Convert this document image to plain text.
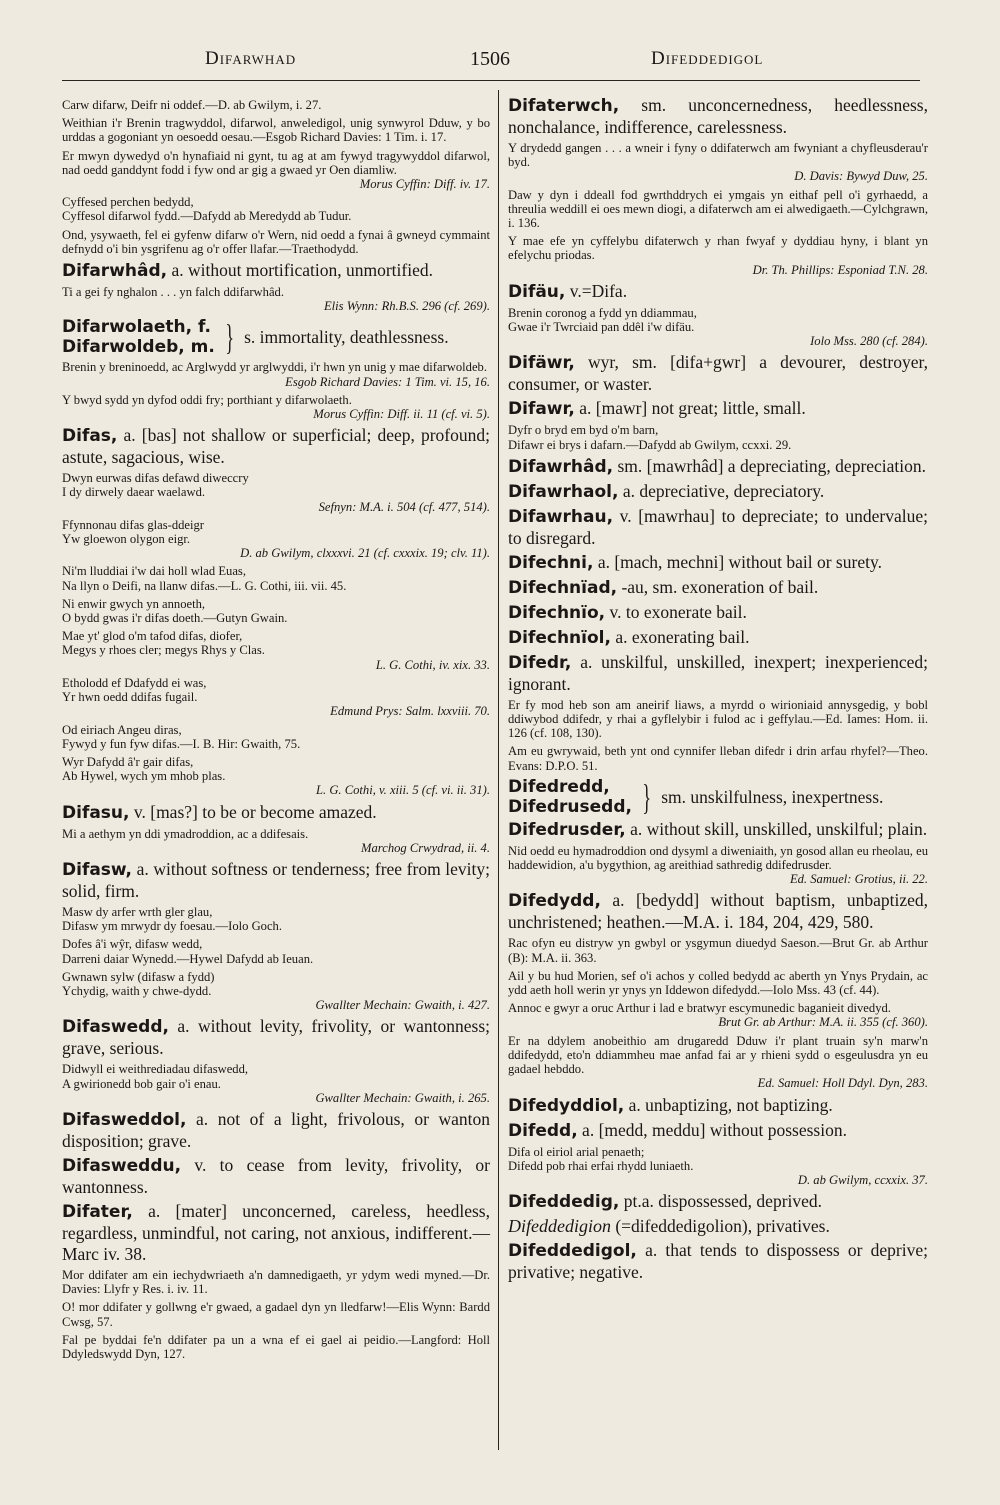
Difarwhad	1506	Difeddedigol
Carw difarw, Deifr ni oddef.—D. ab Gwilym, i. 27.
Weithian i'r Brenin tragwyddol, difarwol, anweledigol, unig synwyrol Dduw, y bo urddas a gogoniant yn oesoedd oesau.—Esgob Richard Davies: 1 Tim. i. 17.
Er mwyn dywedyd o'n hynafiaid ni gynt, tu ag at am fywyd tragywyddol difarwol, nad oedd ganddynt fodd i fyw ond ar gig a gwaed yr Oen diamliw.
Morus Cyffin: Diff. iv. 17.
Cyffesed perchen bedydd,
Cyffesol difarwol fydd.—Dafydd ab Meredydd ab Tudur.
Ond, ysywaeth, fel ei gyfenw difarw o'r Wern, nid oedd a fynai â gwneyd cymmaint defnydd o'i bin ysgrifenu ag o'r offer llafar.—Traethodydd.
Difarwhâd, a. without mortification, unmortified.
Ti a gei fy nghalon . . . yn falch ddifarwhâd.
Elis Wynn: Rh.B.S. 296 (cf. 269).
Difarwolaeth, f.
Difarwoldeb, m. } s. immortality, deathlessness.
Brenin y breninoedd, ac Arglwydd yr arglwyddi, i'r hwn yn unig y mae difarwoldeb.
Esgob Richard Davies: 1 Tim. vi. 15, 16.
Y bwyd sydd yn dyfod oddi fry; porthiant y difarwolaeth.
Morus Cyffin: Diff. ii. 11 (cf. vi. 5).
Difas, a. [bas] not shallow or superficial; deep, profound; astute, sagacious, wise.
Dwyn eurwas difas defawd diweccry
I dy dirwely daear waelawd.
Sefnyn: M.A. i. 504 (cf. 477, 514).
Ffynnonau difas glas-ddeigr
Yw gloewon olygon eigr.
D. ab Gwilym, clxxxvi. 21 (cf. cxxxix. 19; clv. 11).
Ni'm lluddiai i'w dai holl wlad Euas,
Na llyn o Deifi, na llanw difas.—L. G. Cothi, iii. vii. 45.
Ni enwir gwych yn annoeth,
O bydd gwas i'r difas doeth.—Gutyn Gwain.
Mae yt' glod o'm tafod difas, diofer,
Megys y rhoes cler; megys Rhys y Clas.
L. G. Cothi, iv. xix. 33.
Etholodd ef Ddafydd ei was,
Yr hwn oedd ddifas fugail.
Edmund Prys: Salm. lxxviii. 70.
Od eiriach Angeu diras,
Fywyd y fun fyw difas.—I. B. Hir: Gwaith, 75.
Wyr Dafydd â'r gair difas,
Ab Hywel, wych ym mhob plas.
L. G. Cothi, v. xiii. 5 (cf. vi. ii. 31).
Difasu, v. [mas?] to be or become amazed.
Mi a aethym yn ddi ymadroddion, ac a ddifesais.
Marchog Crwydrad, ii. 4.
Difasw, a. without softness or tenderness; free from levity; solid, firm.
Masw dy arfer wrth gler glau,
Difasw ym mrwydr dy foesau.—Iolo Goch.
Dofes â'i wŷr, difasw wedd,
Darreni daiar Wynedd.—Hywel Dafydd ab Ieuan.
Gwnawn sylw (difasw a fydd)
Ychydig, waith y chwe-dydd.
Gwallter Mechain: Gwaith, i. 427.
Difaswedd, a. without levity, frivolity, or wantonness; grave, serious.
Didwyll ei weithrediadau difaswedd,
A gwirionedd bob gair o'i enau.
Gwallter Mechain: Gwaith, i. 265.
Difasweddol, a. not of a light, frivolous, or wanton disposition; grave.
Difasweddu, v. to cease from levity, frivolity, or wantonness.
Difater, a. [mater] unconcerned, careless, heedless, regardless, unmindful, not caring, not anxious, indifferent.—Marc iv. 38.
Mor ddifater am ein iechydwriaeth a'n damnedigaeth, yr ydym wedi myned.—Dr. Davies: Llyfr y Res. i. iv. 11.
O! mor ddifater y gollwng e'r gwaed, a gadael dyn yn lledfarw!—Elis Wynn: Bardd Cwsg, 57.
Fal pe byddai fe'n ddifater pa un a wna ef ei gael ai peidio.—Langford: Holl Ddyledswydd Dyn, 127.
Difaterwch, sm. unconcernedness, heedlessness, nonchalance, indifference, carelessness.
Y drydedd gangen . . . a wneir i fyny o ddifaterwch am fwyniant a chyfleusderau'r byd.
D. Davis: Bywyd Duw, 25.
Daw y dyn i ddeall fod gwrthddrych ei ymgais yn eithaf pell o'i gyrhaedd, a threulia weddill ei oes mewn diogi, a difaterwch am ei alwedigaeth.—Cylchgrawn, i. 136.
Y mae efe yn cyffelybu difaterwch y rhan fwyaf y dyddiau hyny, i blant yn efelychu priodas.
Dr. Th. Phillips: Esponiad T.N. 28.
Difäu, v.=Difa.
Brenin coronog a fydd yn ddiammau,
Gwae i'r Twrciaid pan ddêl i'w difäu.
Iolo Mss. 280 (cf. 284).
Difäwr, wyr, sm. [difa+gwr] a devourer, destroyer, consumer, or waster.
Difawr, a. [mawr] not great; little, small.
Dyfr o bryd em byd o'm barn,
Difawr ei brys i dafarn.—Dafydd ab Gwilym, ccxxi. 29.
Difawrhâd, sm. [mawrhâd] a depreciating, depreciation.
Difawrhaol, a. depreciative, depreciatory.
Difawrhau, v. [mawrhau] to depreciate; to undervalue; to disregard.
Difechni, a. [mach, mechni] without bail or surety.
Difechnïad, -au, sm. exoneration of bail.
Difechnïo, v. to exonerate bail.
Difechnïol, a. exonerating bail.
Difedr, a. unskilful, unskilled, inexpert; inexperienced; ignorant.
Er fy mod heb son am aneirif liaws, a myrdd o wirioniaid annysgedig, y bobl ddiwybod ddifedr, y rhai a gyflelybir i fulod ac i geffylau.—Ed. Iames: Hom. ii. 126 (cf. 108, 130).
Am eu gwrywaid, beth ynt ond cynnifer lleban difedr i drin arfau rhyfel?—Theo. Evans: D.P.O. 51.
Difedredd,
Difedrusedd, } sm. unskilfulness, inexpertness.
Difedrusder, a. without skill, unskilled, unskilful; plain.
Nid oedd eu hymadroddion ond dysyml a diweniaith, yn gosod allan eu rheolau, eu haddewidion, a'u bygythion, ag areithiad sathredig ddifedrusder.
Ed. Samuel: Grotius, ii. 22.
Difedydd, a. [bedydd] without baptism, unbaptized, unchristened; heathen.—M.A. i. 184, 204, 429, 580.
Rac ofyn eu distryw yn gwbyl or ysgymun diuedyd Saeson.—Brut Gr. ab Arthur (B): M.A. ii. 363.
Ail y bu hud Morien, sef o'i achos y colled bedydd ac aberth yn Ynys Prydain, ac ydd aeth holl werin yr ynys yn Iddewon difedydd.—Iolo Mss. 43 (cf. 44).
Annoc e gwyr a oruc Arthur i lad e bratwyr escymunedic baganieit divedyd.
Brut Gr. ab Arthur: M.A. ii. 355 (cf. 360).
Er na ddylem anobeithio am drugaredd Dduw i'r plant truain sy'n marw'n ddifedydd, eto'n ddiammheu mae anfad fai ar y rhieni sydd o esgeulusdra yn eu gadael hebddo.
Ed. Samuel: Holl Ddyl. Dyn, 283.
Difedyddiol, a. unbaptizing, not baptizing.
Difedd, a. [medd, meddu] without possession.
Difa ol eiriol arial penaeth;
Difedd pob rhai erfai rhydd luniaeth.
D. ab Gwilym, ccxxix. 37.
Difeddedig, pt.a. dispossessed, deprived.
Difeddedigion (=difeddedigolion), privatives.
Difeddedigol, a. that tends to dispossess or deprive; privative; negative.
